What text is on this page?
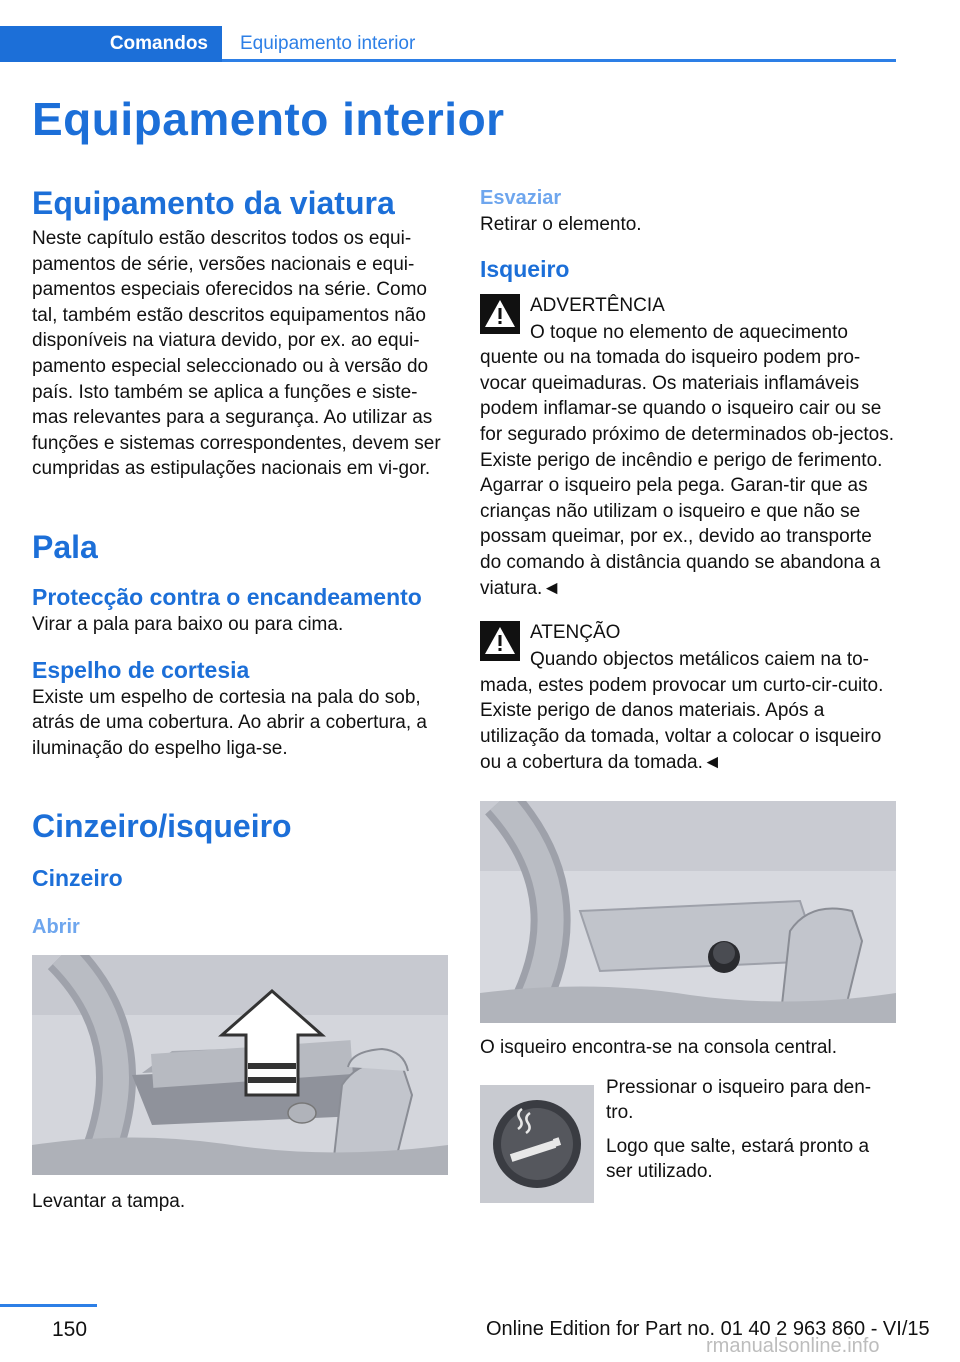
Comandos	Equipamento interior
Equipamento interior
Equipamento da viatura

Neste capítulo estão descritos todos os equi-pamentos de série, versões nacionais e equi-pamentos especiais oferecidos na série. Como tal, também estão descritos equipamentos não disponíveis na viatura devido, por ex. ao equi-pamento especial seleccionado ou à versão do país. Isto também se aplica a funções e siste-mas relevantes para a segurança. Ao utilizar as funções e sistemas correspondentes, devem ser cumpridas as estipulações nacionais em vi-gor.

Pala
Protecção contra o encandeamento

Virar a pala para baixo ou para cima.

Espelho de cortesia

Existe um espelho de cortesia na pala do sob, atrás de uma cobertura. Ao abrir a cobertura, a iluminação do espelho liga-se.

Cinzeiro/isqueiro
Cinzeiro
Abrir

Levantar a tampa.

Esvaziar

Retirar o elemento.

Isqueiro
ADVERTÊNCIA

O toque no elemento de aquecimento quente ou na tomada do isqueiro podem pro-vocar queimaduras. Os materiais inflamáveis podem inflamar-se quando o isqueiro cair ou se for segurado próximo de determinados ob-jectos. Existe perigo de incêndio e perigo de ferimento. Agarrar o isqueiro pela pega. Garan-tir que as crianças não utilizam o isqueiro e que não se possam queimar, por ex., devido ao transporte do comando à distância quando se abandona a viatura.◄

ATENÇÃO

Quando objectos metálicos caiem na to-mada, estes podem provocar um curto-cir-cuito. Existe perigo de danos materiais. Após a utilização da tomada, voltar a colocar o isqueiro ou a cobertura da tomada.◄

O isqueiro encontra-se na consola central.

Pressionar o isqueiro para den-tro.

Logo que salte, estará pronto a ser utilizado.

150	Online Edition for Part no. 01 40 2 963 860 - VI/15
rmanualsonline.info
